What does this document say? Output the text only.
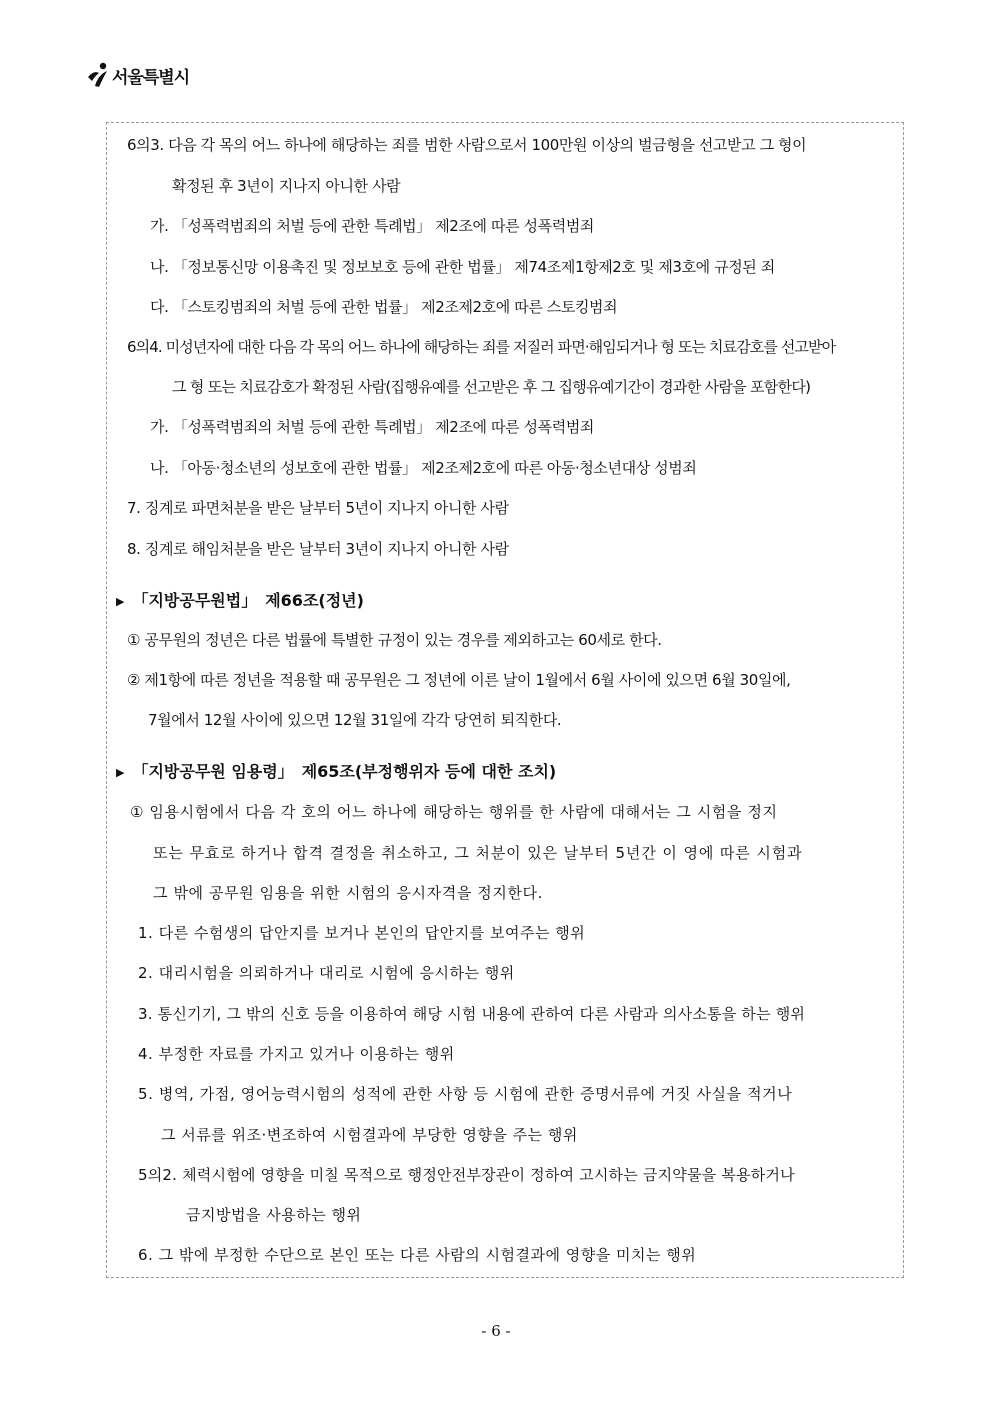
서울특별시
6의3. 다음 각 목의 어느 하나에 해당하는 죄를 범한 사람으로서 100만원 이상의 벌금형을 선고받고 그 형이
확정된 후 3년이 지나지 아니한 사람
가. 「성폭력범죄의 처벌 등에 관한 특례법」 제2조에 따른 성폭력범죄
나. 「정보통신망 이용촉진 및 정보보호 등에 관한 법률」 제74조제1항제2호 및 제3호에 규정된 죄
다. 「스토킹범죄의 처벌 등에 관한 법률」 제2조제2호에 따른 스토킹범죄
6의4. 미성년자에 대한 다음 각 목의 어느 하나에 해당하는 죄를 저질러 파면·해임되거나 형 또는 치료감호를 선고받아
그 형 또는 치료감호가 확정된 사람(집행유예를 선고받은 후 그 집행유예기간이 경과한 사람을 포함한다)
가. 「성폭력범죄의 처벌 등에 관한 특례법」 제2조에 따른 성폭력범죄
나. 「아동·청소년의 성보호에 관한 법률」 제2조제2호에 따른 아동·청소년대상 성범죄
7. 징계로 파면처분을 받은 날부터 5년이 지나지 아니한 사람
8. 징계로 해임처분을 받은 날부터 3년이 지나지 아니한 사람
▶ 「지방공무원법」 제66조(정년)
① 공무원의 정년은 다른 법률에 특별한 규정이 있는 경우를 제외하고는 60세로 한다.
② 제1항에 따른 정년을 적용할 때 공무원은 그 정년에 이른 날이 1월에서 6월 사이에 있으면 6월 30일에,
7월에서 12월 사이에 있으면 12월 31일에 각각 당연히 퇴직한다.
▶ 「지방공무원 임용령」 제65조(부정행위자 등에 대한 조치)
① 임용시험에서 다음 각 호의 어느 하나에 해당하는 행위를 한 사람에 대해서는 그 시험을 정지
또는 무효로 하거나 합격 결정을 취소하고, 그 처분이 있은 날부터 5년간 이 영에 따른 시험과
그 밖에 공무원 임용을 위한 시험의 응시자격을 정지한다.
1. 다른 수험생의 답안지를 보거나 본인의 답안지를 보여주는 행위
2. 대리시험을 의뢰하거나 대리로 시험에 응시하는 행위
3. 통신기기, 그 밖의 신호 등을 이용하여 해당 시험 내용에 관하여 다른 사람과 의사소통을 하는 행위
4. 부정한 자료를 가지고 있거나 이용하는 행위
5. 병역, 가점, 영어능력시험의 성적에 관한 사항 등 시험에 관한 증명서류에 거짓 사실을 적거나
그 서류를 위조·변조하여 시험결과에 부당한 영향을 주는 행위
5의2. 체력시험에 영향을 미칠 목적으로 행정안전부장관이 정하여 고시하는 금지약물을 복용하거나
금지방법을 사용하는 행위
6. 그 밖에 부정한 수단으로 본인 또는 다른 사람의 시험결과에 영향을 미치는 행위
- 6 -
